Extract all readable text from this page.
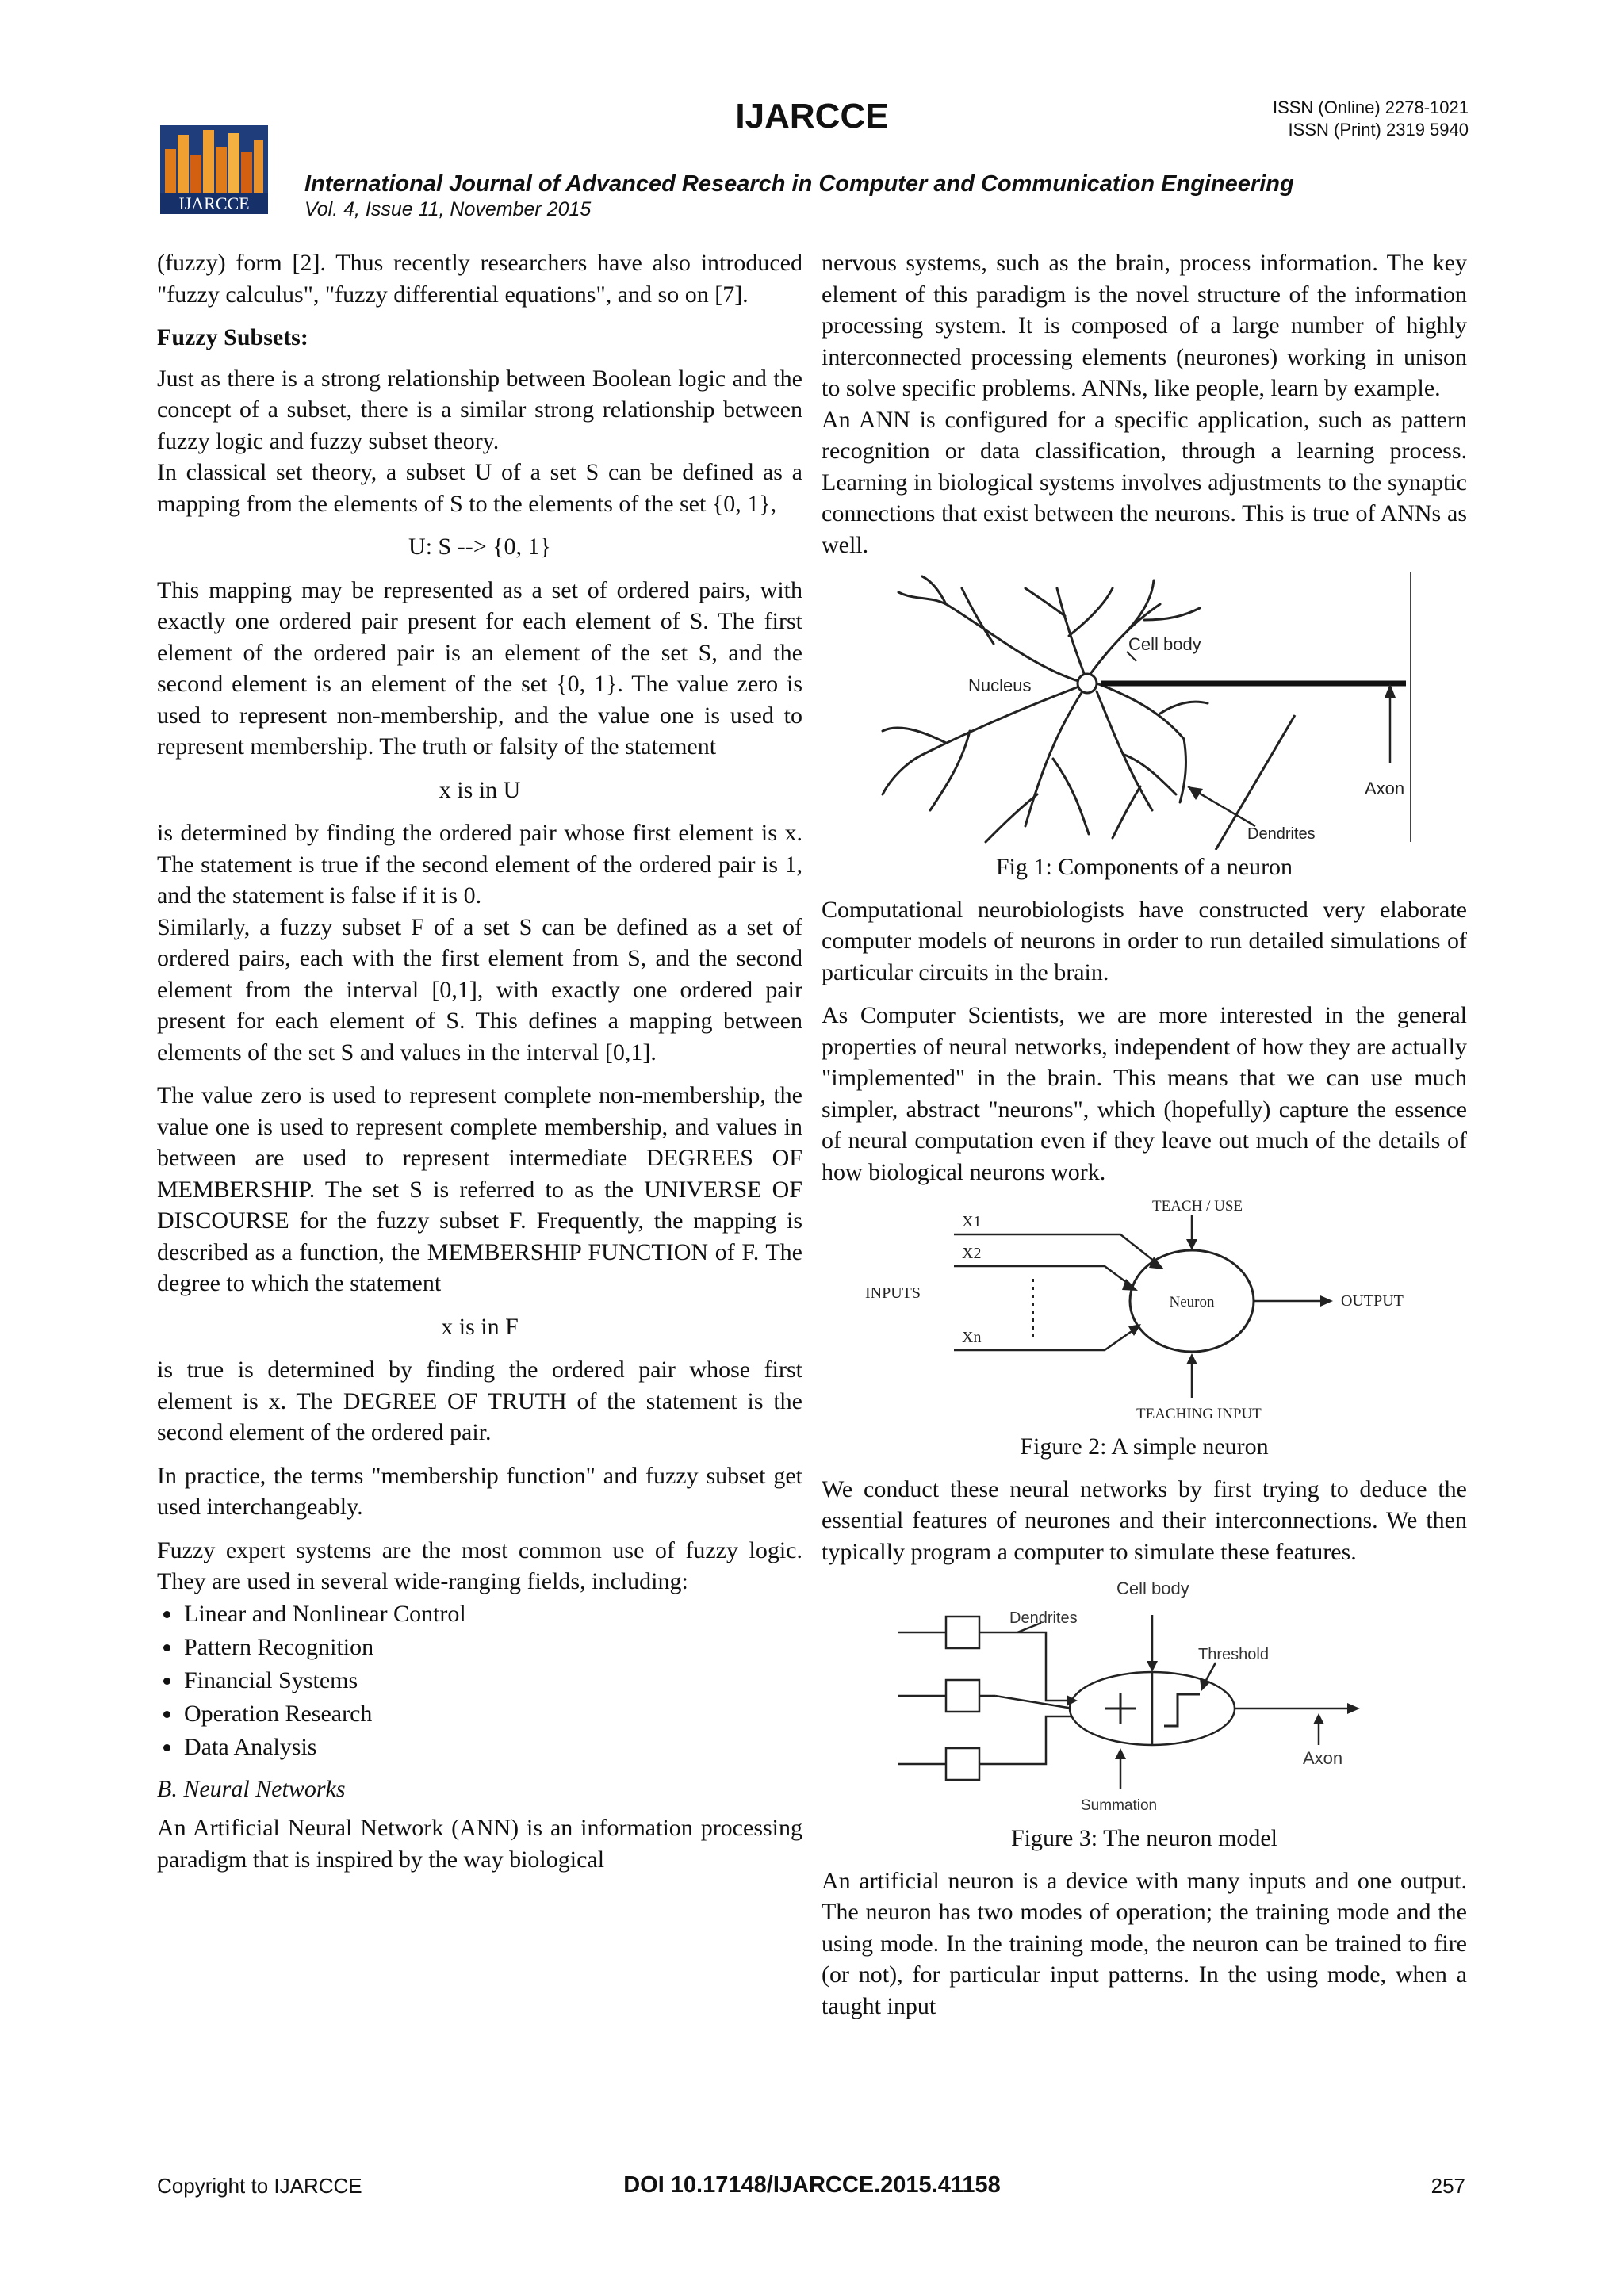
IJARCCE	ISSN (Online) 2278-1021
ISSN (Print) 2319 5940
IJARCCE
International Journal of Advanced Research in Computer and Communication Engineering
Vol. 4, Issue 11, November 2015

(fuzzy) form [2]. Thus recently researchers have also introduced "fuzzy calculus", "fuzzy differential equations", and so on [7].

Fuzzy Subsets:

Just as there is a strong relationship between Boolean logic and the concept of a subset, there is a similar strong relationship between fuzzy logic and fuzzy subset theory.

In classical set theory, a subset U of a set S can be defined as a mapping from the elements of S to the elements of the set {0, 1},

U: S --> {0, 1}

This mapping may be represented as a set of ordered pairs, with exactly one ordered pair present for each element of S. The first element of the ordered pair is an element of the set S, and the second element is an element of the set {0, 1}. The value zero is used to represent non-membership, and the value one is used to represent membership. The truth or falsity of the statement

x is in U

is determined by finding the ordered pair whose first element is x. The statement is true if the second element of the ordered pair is 1, and the statement is false if it is 0.

Similarly, a fuzzy subset F of a set S can be defined as a set of ordered pairs, each with the first element from S, and the second element from the interval [0,1], with exactly one ordered pair present for each element of S. This defines a mapping between elements of the set S and values in the interval [0,1].

The value zero is used to represent complete non-membership, the value one is used to represent complete membership, and values in between are used to represent intermediate DEGREES OF MEMBERSHIP. The set S is referred to as the UNIVERSE OF DISCOURSE for the fuzzy subset F. Frequently, the mapping is described as a function, the MEMBERSHIP FUNCTION of F. The degree to which the statement

x is in F

is true is determined by finding the ordered pair whose first element is x. The DEGREE OF TRUTH of the statement is the second element of the ordered pair.

In practice, the terms "membership function" and fuzzy subset get used interchangeably.

Fuzzy expert systems are the most common use of fuzzy logic. They are used in several wide-ranging fields, including:

• Linear and Nonlinear Control
• Pattern Recognition
• Financial Systems
• Operation Research
• Data Analysis
B. Neural Networks

An Artificial Neural Network (ANN) is an information processing paradigm that is inspired by the way biological

nervous systems, such as the brain, process information. The key element of this paradigm is the novel structure of the information processing system. It is composed of a large number of highly interconnected processing elements (neurones) working in unison to solve specific problems. ANNs, like people, learn by example.

An ANN is configured for a specific application, such as pattern recognition or data classification, through a learning process. Learning in biological systems involves adjustments to the synaptic connections that exist between the neurons. This is true of ANNs as well.

Cell body
Nucleus
Axon
Dendrites
Fig 1: Components of a neuron

Computational neurobiologists have constructed very elaborate computer models of neurons in order to run detailed simulations of particular circuits in the brain.

As Computer Scientists, we are more interested in the general properties of neural networks, independent of how they are actually "implemented" in the brain. This means that we can use much simpler, abstract "neurons", which (hopefully) capture the essence of neural computation even if they leave out much of the details of how biological neurons work.

X1
X2
Xn
INPUTS
TEACH / USE
Neuron	OUTPUT
TEACHING INPUT
Figure 2: A simple neuron

We conduct these neural networks by first trying to deduce the essential features of neurones and their interconnections. We then typically program a computer to simulate these features.

Cell body
Dendrites
Threshold
Axon
Summation
Figure 3: The neuron model

An artificial neuron is a device with many inputs and one output. The neuron has two modes of operation; the training mode and the using mode. In the training mode, the neuron can be trained to fire (or not), for particular input patterns. In the using mode, when a taught input

Copyright to IJARCCE	DOI 10.17148/IJARCCE.2015.41158	257
